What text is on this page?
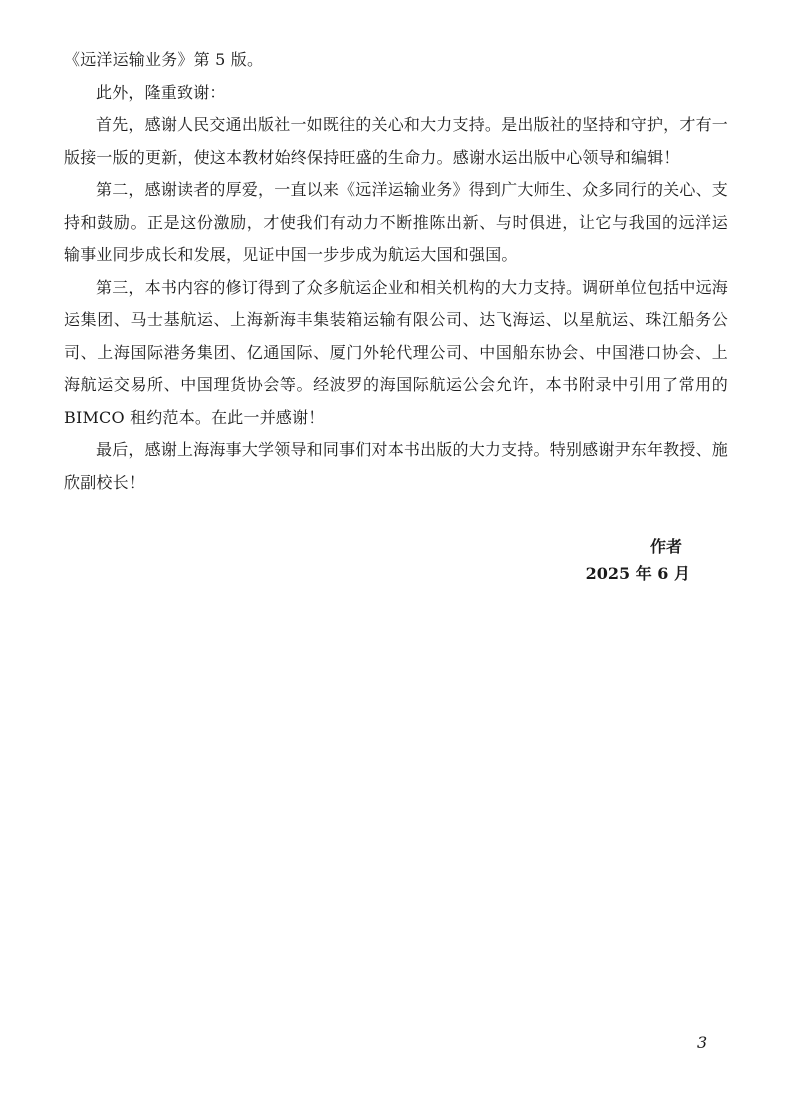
《远洋运输业务》第 5 版。

此外，隆重致谢：

首先，感谢人民交通出版社一如既往的关心和大力支持。是出版社的坚持和守护，才有一版接一版的更新，使这本教材始终保持旺盛的生命力。感谢水运出版中心领导和编辑！

第二，感谢读者的厚爱，一直以来《远洋运输业务》得到广大师生、众多同行的关心、支持和鼓励。正是这份激励，才使我们有动力不断推陈出新、与时俱进，让它与我国的远洋运输事业同步成长和发展，见证中国一步步成为航运大国和强国。

第三，本书内容的修订得到了众多航运企业和相关机构的大力支持。调研单位包括中远海运集团、马士基航运、上海新海丰集装箱运输有限公司、达飞海运、以星航运、珠江船务公司、上海国际港务集团、亿通国际、厦门外轮代理公司、中国船东协会、中国港口协会、上海航运交易所、中国理货协会等。经波罗的海国际航运公会允许，本书附录中引用了常用的 BIMCO 租约范本。在此一并感谢！

最后，感谢上海海事大学领导和同事们对本书出版的大力支持。特别感谢尹东年教授、施欣副校长！

作者
2025 年 6 月
3
